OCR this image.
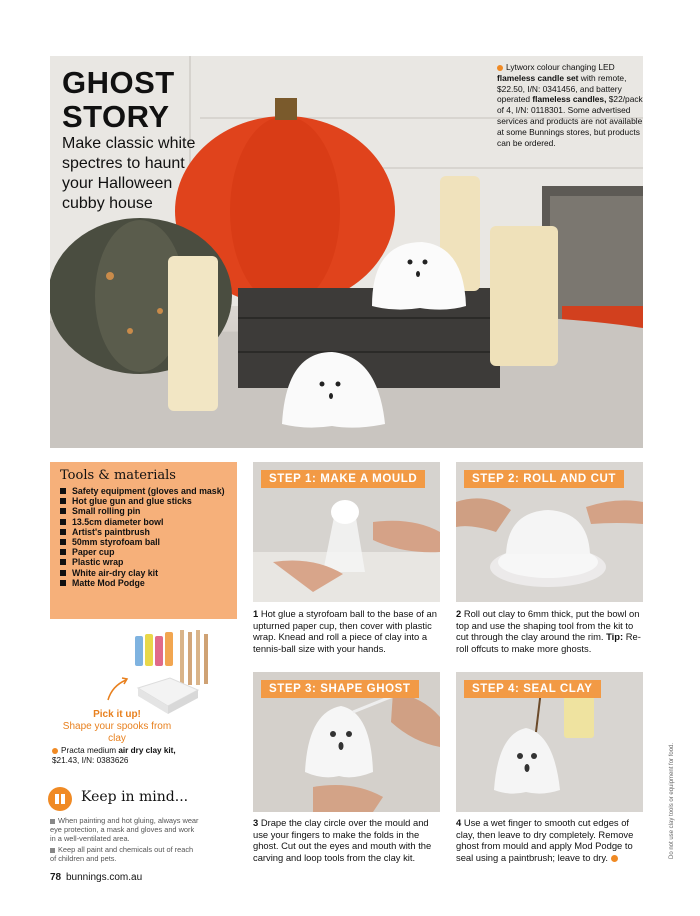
GHOST
STORY
Make classic white spectres to haunt your Halloween cubby house
Lytworx colour changing LED flameless candle set with remote, $22.50, I/N: 0341456, and battery operated flameless candles, $22/pack of 4, I/N: 0118301. Some advertised services and products are not available at some Bunnings stores, but products can be ordered.
Tools & materials
Safety equipment (gloves and mask)
Hot glue gun and glue sticks
Small rolling pin
13.5cm diameter bowl
Artist's paintbrush
50mm styrofoam ball
Paper cup
Plastic wrap
White air-dry clay kit
Matte Mod Podge
Pick it up!
Shape your spooks from clay
Practa medium air dry clay kit, $21.43, I/N: 0383626
Keep in mind...
When painting and hot gluing, always wear eye protection, a mask and gloves and work in a well-ventilated area.
Keep all paint and chemicals out of reach of children and pets.
STEP 1: MAKE A MOULD
1 Hot glue a styrofoam ball to the base of an upturned paper cup, then cover with plastic wrap. Knead and roll a piece of clay into a tennis-ball size with your hands.
STEP 2: ROLL AND CUT
2 Roll out clay to 6mm thick, put the bowl on top and use the shaping tool from the kit to cut through the clay around the rim. Tip: Re-roll offcuts to make more ghosts.
STEP 3: SHAPE GHOST
3 Drape the clay circle over the mould and use your fingers to make the folds in the ghost. Cut out the eyes and mouth with the carving and loop tools from the clay kit.
STEP 4: SEAL CLAY
4 Use a wet finger to smooth cut edges of clay, then leave to dry completely. Remove ghost from mould and apply Mod Podge to seal using a paintbrush; leave to dry.
78 bunnings.com.au
Do not use clay tools or equipment for food.
